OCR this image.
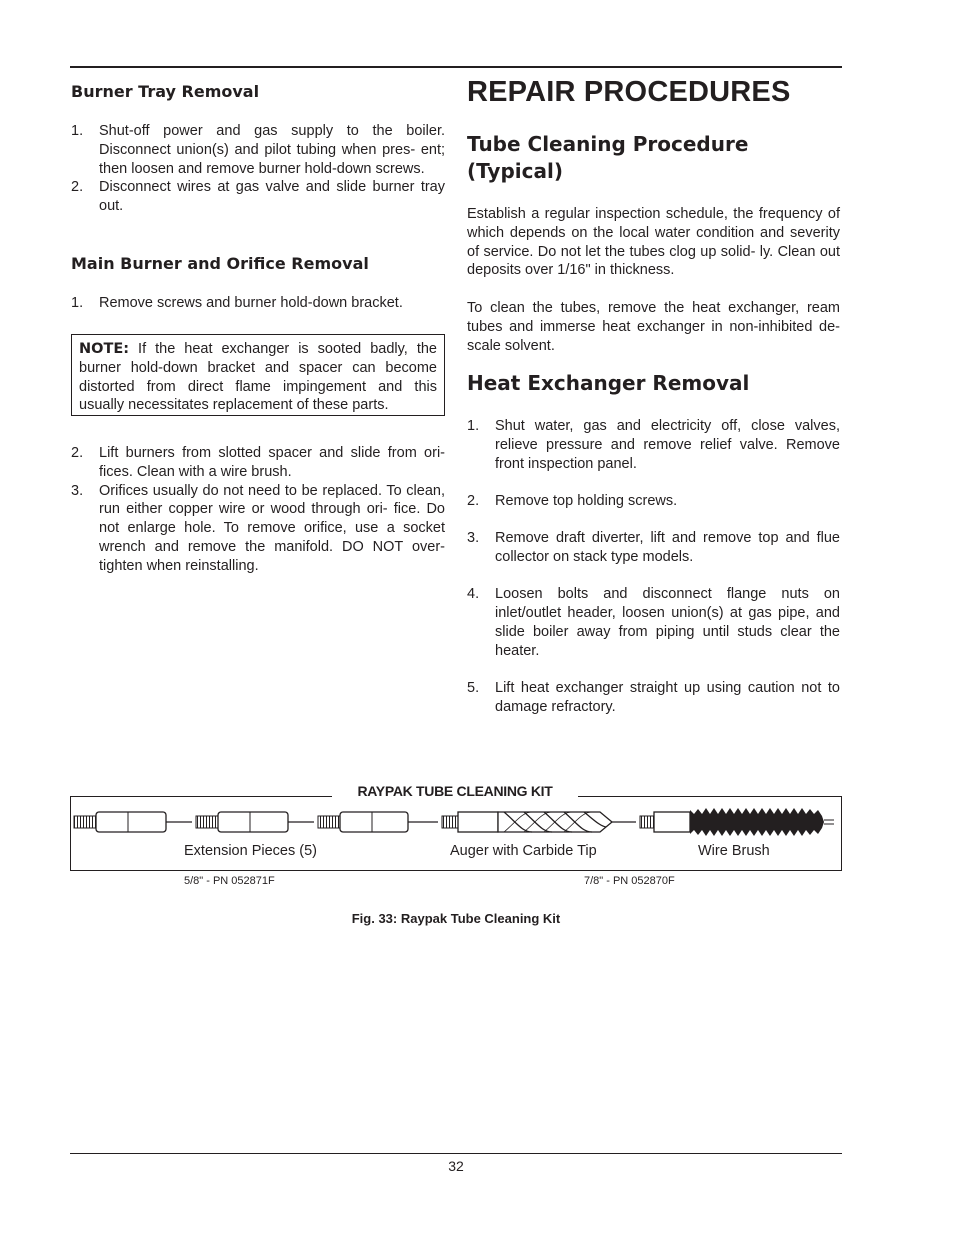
Burner Tray Removal
1. Shut-off power and gas supply to the boiler. Disconnect union(s) and pilot tubing when pres- ent; then loosen and remove burner hold-down screws.
2. Disconnect wires at gas valve and slide burner tray out.
Main Burner and Orifice Removal
1. Remove screws and burner hold-down bracket.
NOTE: If the heat exchanger is sooted badly, the burner hold-down bracket and spacer can become distorted from direct flame impingement and this usually necessitates replacement of these parts.
2. Lift burners from slotted spacer and slide from ori- fices. Clean with a wire brush.
3. Orifices usually do not need to be replaced. To clean, run either copper wire or wood through ori- fice. Do not enlarge hole. To remove orifice, use a socket wrench and remove the manifold. DO NOT over-tighten when reinstalling.
REPAIR PROCEDURES
Tube Cleaning Procedure (Typical)

Establish a regular inspection schedule, the frequency of which depends on the local water condition and severity of service. Do not let the tubes clog up solid- ly. Clean out deposits over 1/16" in thickness.

To clean the tubes, remove the heat exchanger, ream tubes and immerse heat exchanger in non-inhibited de-scale solvent.

Heat Exchanger Removal
1. Shut water, gas and electricity off, close valves, relieve pressure and remove relief valve. Remove front inspection panel.
2. Remove top holding screws.
3. Remove draft diverter, lift and remove top and flue collector on stack type models.
4. Loosen bolts and disconnect flange nuts on inlet/outlet header, loosen union(s) at gas pipe, and slide boiler away from piping until studs clear the heater.
5. Lift heat exchanger straight up using caution not to damage refractory.
RAYPAK TUBE CLEANING KIT
Extension Pieces (5)	Auger with Carbide Tip	Wire Brush
5/8" - PN 052871F	7/8" - PN 052870F
Fig. 33: Raypak Tube Cleaning Kit
32
